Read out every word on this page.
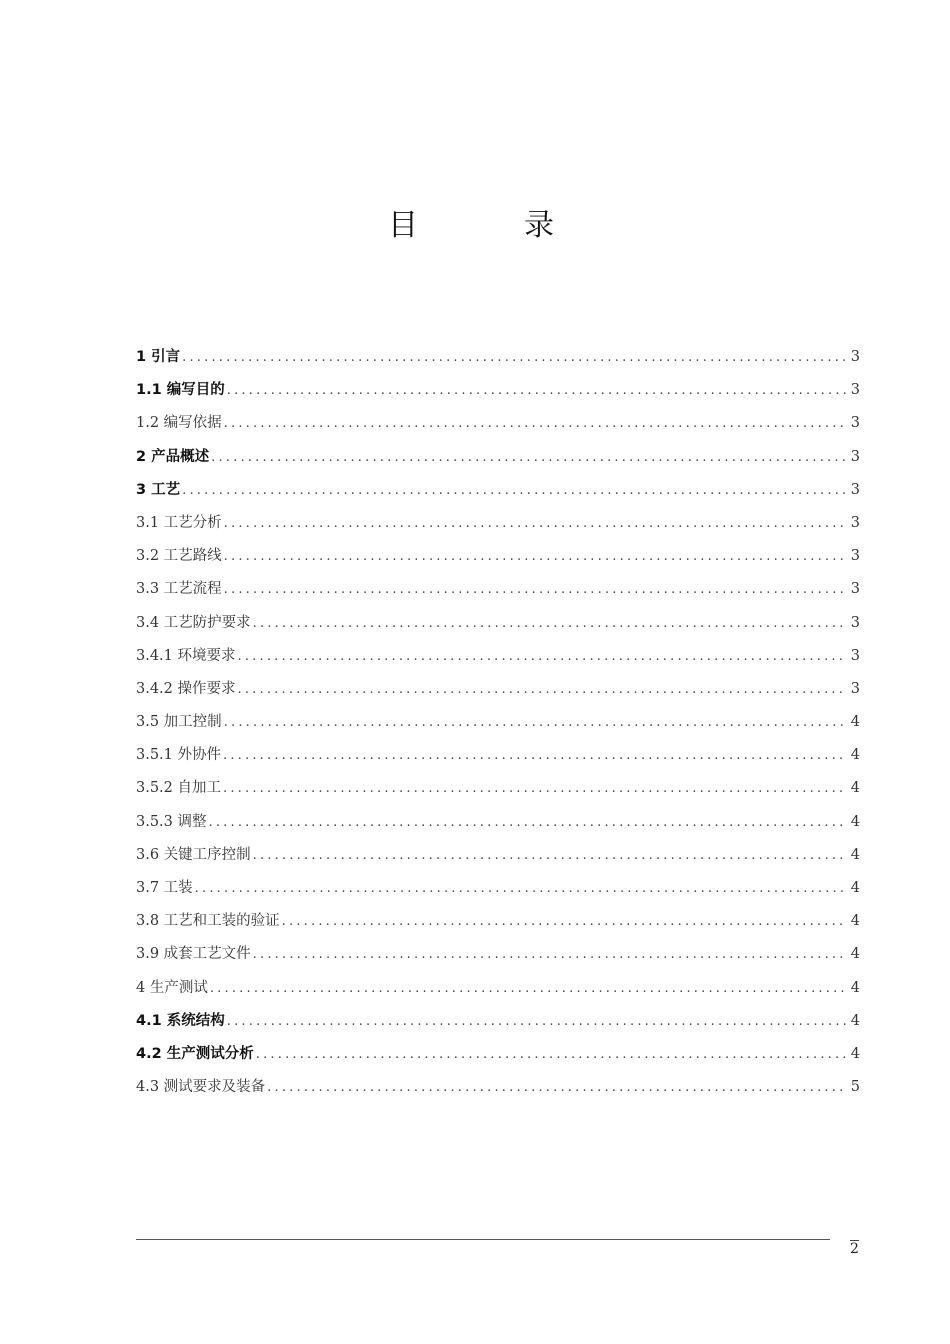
目　录
1 引言 .....	3
1.1 编写目的 .....	3
1.2 编写依据 .....	3
2 产品概述 .....	3
3 工艺 .....	3
3.1 工艺分析 .....	3
3.2 工艺路线 .....	3
3.3 工艺流程 .....	3
3.4 工艺防护要求 .....	3
3.4.1 环境要求 .....	3
3.4.2 操作要求 .....	3
3.5 加工控制 .....	4
3.5.1 外协件 .....	4
3.5.2 自加工 .....	4
3.5.3 调整 .....	4
3.6 关键工序控制 .....	4
3.7 工装 .....	4
3.8 工艺和工装的验证 .....	4
3.9 成套工艺文件 .....	4
4 生产测试 .....	4
4.1 系统结构 .....	4
4.2 生产测试分析 .....	4
4.3 测试要求及装备 .....	5
2
